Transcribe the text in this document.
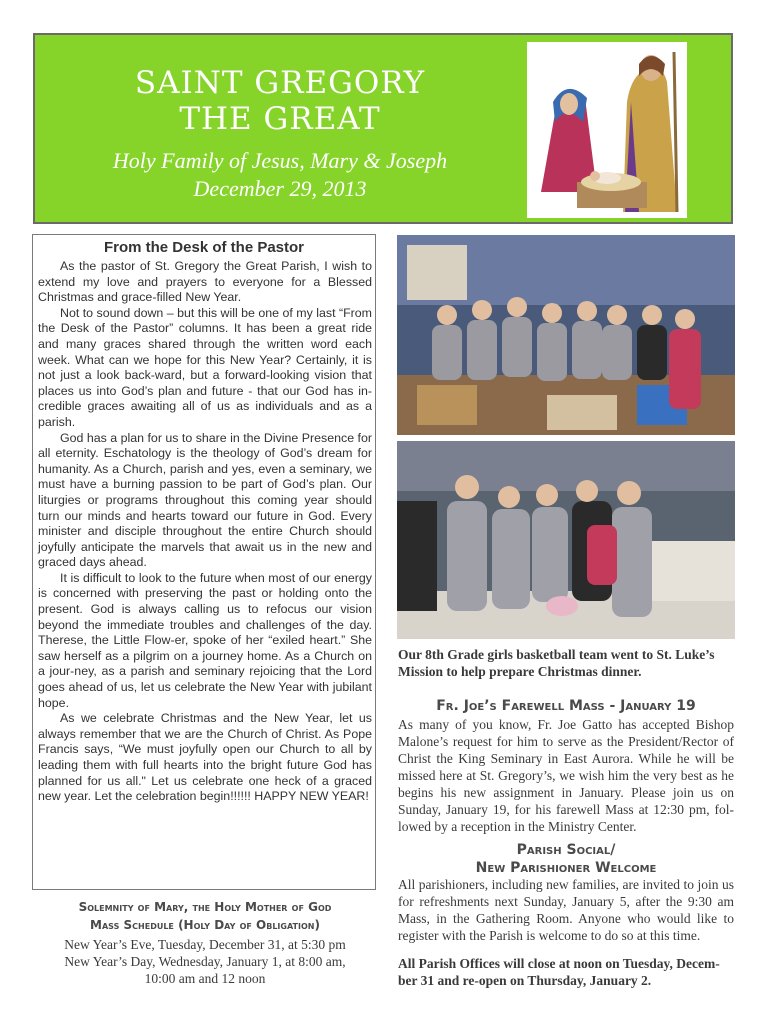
SAINT GREGORY
THE GREAT
Holy Family of Jesus, Mary & Joseph
December 29, 2013
From the Desk of the Pastor

As the pastor of St. Gregory the Great Parish, I wish to extend my love and prayers to everyone for a Blessed Christmas and grace-filled New Year.

Not to sound down – but this will be one of my last “From the Desk of the Pastor” columns. It has been a great ride and many graces shared through the written word each week. What can we hope for this New Year? Certainly, it is not just a look back-ward, but a forward-looking vision that places us into God’s plan and future - that our God has in-credible graces awaiting all of us as individuals and as a parish.

God has a plan for us to share in the Divine Presence for all eternity. Eschatology is the theology of God’s dream for humanity. As a Church, parish and yes, even a seminary, we must have a burning passion to be part of God’s plan. Our liturgies or programs throughout this coming year should turn our minds and hearts toward our future in God. Every minister and disciple throughout the entire Church should joyfully anticipate the marvels that await us in the new and graced days ahead.

It is difficult to look to the future when most of our energy is concerned with preserving the past or holding onto the present. God is always calling us to refocus our vision beyond the immediate troubles and challenges of the day. Therese, the Little Flow-er, spoke of her “exiled heart.” She saw herself as a pilgrim on a journey home. As a Church on a jour-ney, as a parish and seminary rejoicing that the Lord goes ahead of us, let us celebrate the New Year with jubilant hope.

As we celebrate Christmas and the New Year, let us always remember that we are the Church of Christ. As Pope Francis says, “We must joyfully open our Church to all by leading them with full hearts into the bright future God has planned for us all." Let us celebrate one heck of a graced new year. Let the celebration begin!!!!!! HAPPY NEW YEAR!

Solemnity of Mary, the Holy Mother of God
Mass Schedule (Holy Day of Obligation)
New Year’s Eve, Tuesday, December 31, at 5:30 pm
New Year’s Day, Wednesday, January 1, at 8:00 am,
10:00 am and 12 noon
Our 8th Grade girls basketball team went to St. Luke’s Mission to help prepare Christmas dinner.
Fr. Joe’s Farewell Mass - January 19
As many of you know, Fr. Joe Gatto has accepted Bishop Malone’s request for him to serve as the President/Rector of Christ the King Seminary in East Aurora. While he will be missed here at St. Gregory’s, we wish him the very best as he begins his new assignment in January. Please join us on Sunday, January 19, for his farewell Mass at 12:30 pm, fol-lowed by a reception in the Ministry Center.
Parish Social/
New Parishioner Welcome
All parishioners, including new families, are invited to join us for refreshments next Sunday, January 5, after the 9:30 am Mass, in the Gathering Room. Anyone who would like to register with the Parish is welcome to do so at this time.
All Parish Offices will close at noon on Tuesday, Decem-ber 31 and re-open on Thursday, January 2.
